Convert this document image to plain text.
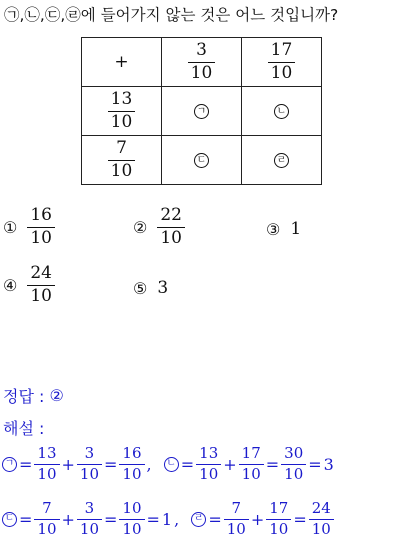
㉠,㉡,㉢,㉣에 들어가지 않는 것은 어느 것입니까?
+	$\frac{3}{10}$	$\frac{17}{10}$

$\frac{13}{10}$	ㄱ	ㄴ

$\frac{7}{10}$	ㄷ	ㄹ
① $\frac{16}{10}$	② $\frac{22}{10}$	③ 1
④ $\frac{24}{10}$	⑤ 3
정답 :
②
해설 :
ㄱ = $\frac{13}{10} + \frac{3}{10} = \frac{16}{10}$ ,
ㄴ = $\frac{13}{10} + \frac{17}{10} = \frac{30}{10} = 3$
ㄷ = $\frac{7}{10} + \frac{3}{10} = \frac{10}{10} = 1$ ,
ㄹ = $\frac{7}{10} + \frac{17}{10} = \frac{24}{10}$
